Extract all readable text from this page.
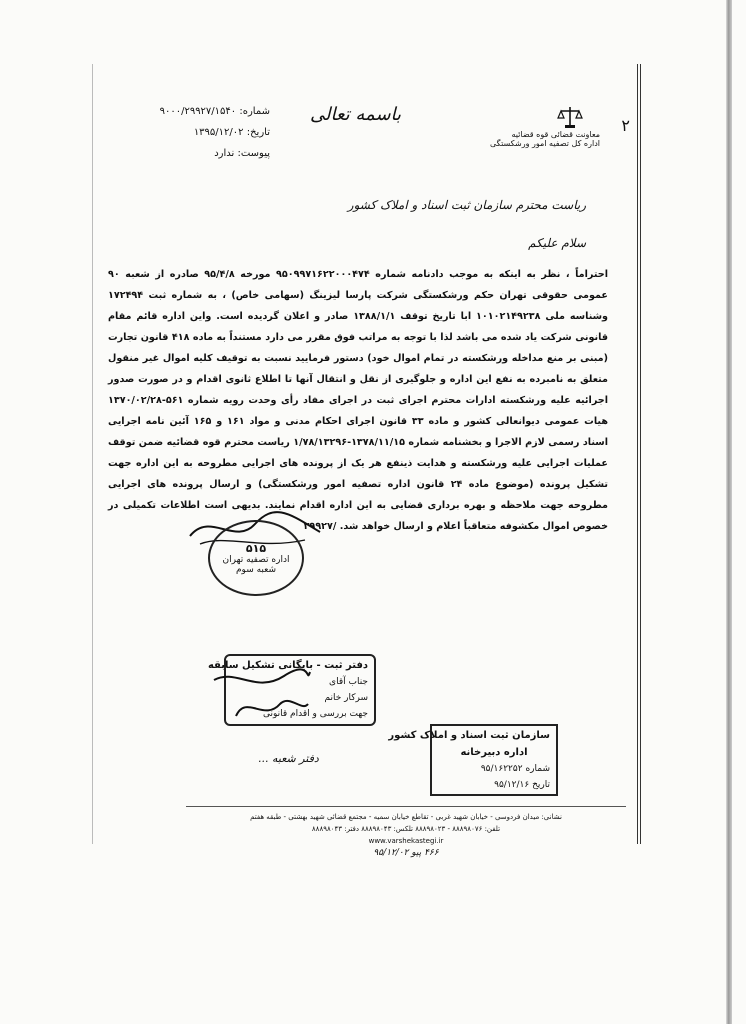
۲
معاونت قضائی قوه قضائیه
اداره کل تصفیه امور ورشکستگی
باسمه تعالی
شماره: ۹۰۰۰/۲۹۹۲۷/۱۵۴۰
تاریخ: ۱۳۹۵/۱۲/۰۲
پیوست: ندارد
ریاست محترم سازمان ثبت اسناد و املاک کشور
سلام علیکم
احتراماً ، نظر به اینکه به موجب دادنامه شماره ۹۵۰۹۹۷۱۶۲۲۰۰۰۴۷۴ مورخه ۹۵/۴/۸ صادره از شعبه ۹۰ عمومی حقوقی تهران حکم ورشکستگی شرکت پارسا لیزینگ (سهامی خاص) ، به شماره ثبت ۱۷۲۴۹۴ وشناسه ملی ۱۰۱۰۲۱۴۹۲۳۸ ابا تاریخ توقف ۱۳۸۸/۱/۱ صادر و اعلان گردیده است. واین اداره قائم مقام قانونی شرکت یاد شده می باشد لذا با توجه به مراتب فوق مقرر می دارد مستنداً به ماده ۴۱۸ قانون تجارت (مبنی بر منع مداخله ورشکسته در تمام اموال خود) دستور فرمایید نسبت به توقیف کلیه اموال غیر منقول متعلق به نامبرده به نفع این اداره و جلوگیری از نقل و انتقال آنها تا اطلاع ثانوی اقدام و در صورت صدور اجرائیه علیه ورشکسته ادارات محترم اجرای ثبت در اجرای مفاد رأی وحدت رویه شماره ۵۶۱-۱۳۷۰/۰۲/۲۸ هیات عمومی دیوانعالی کشور و ماده ۳۳ قانون اجرای احکام مدنی و مواد ۱۶۱ و ۱۶۵ آئین نامه اجرایی اسناد رسمی لازم الاجرا و بخشنامه شماره ۱۳۷۸/۱۱/۱۵-۱/۷۸/۱۳۲۹۶ ریاست محترم قوه قضائیه ضمن توقف عملیات اجرایی علیه ورشکسته و هدایت ذینفع هر یک از پرونده های اجرایی مطروحه به این اداره جهت تشکیل پرونده (موضوع ماده ۲۴ قانون اداره تصفیه امور ورشکستگی) و ارسال پرونده های اجرایی مطروحه جهت ملاحظه و بهره برداری قضایی به این اداره اقدام نمایند. بدیهی است اطلاعات تکمیلی در خصوص اموال مکشوفه متعاقباً اعلام و ارسال خواهد شد. /۲۹۹۲۷
۵۱۵
اداره تصفیه تهران
شعبه سوم
دفتر ثبت - بایگانی تشکیل سابقه
جناب آقای
سرکار خانم
جهت بررسی و اقدام قانونی
دفتر شعبه ...
سازمان ثبت اسناد و املاک کشور
اداره دبیرخانه
شماره ۹۵/۱۶۲۲۵۲
تاریخ ۹۵/۱۲/۱۶
نشانی: میدان فردوسی - خیابان شهید غربی - تقاطع خیابان سمیه - مجتمع قضائی شهید بهشتی - طبقه هفتم
تلفن: ۸۸۸۹۸۰۷۶ - ۸۸۸۹۸۰۲۳ تلکس: ۸۸۸۹۸۰۴۳ دفتر: ۸۸۸۹۸۰۴۳
www.varshekastegi.ir
۴۶۶ پیو ۹۵/۱۲/۰۲
